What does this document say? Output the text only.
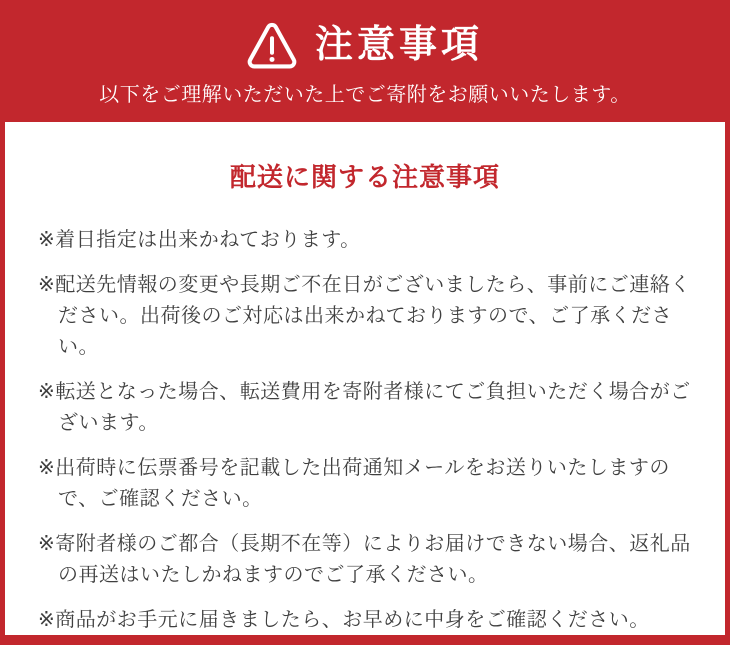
注意事項

以下をご理解いただいた上でご寄附をお願いいたします。

配送に関する注意事項
※着日指定は出来かねております。
※配送先情報の変更や長期ご不在日がございましたら、事前にご連絡ください。出荷後のご対応は出来かねておりますので、ご了承ください。
※転送となった場合、転送費用を寄附者様にてご負担いただく場合がございます。
※出荷時に伝票番号を記載した出荷通知メールをお送りいたしますので、ご確認ください。
※寄附者様のご都合（長期不在等）によりお届けできない場合、返礼品の再送はいたしかねますのでご了承ください。
※商品がお手元に届きましたら、お早めに中身をご確認ください。
